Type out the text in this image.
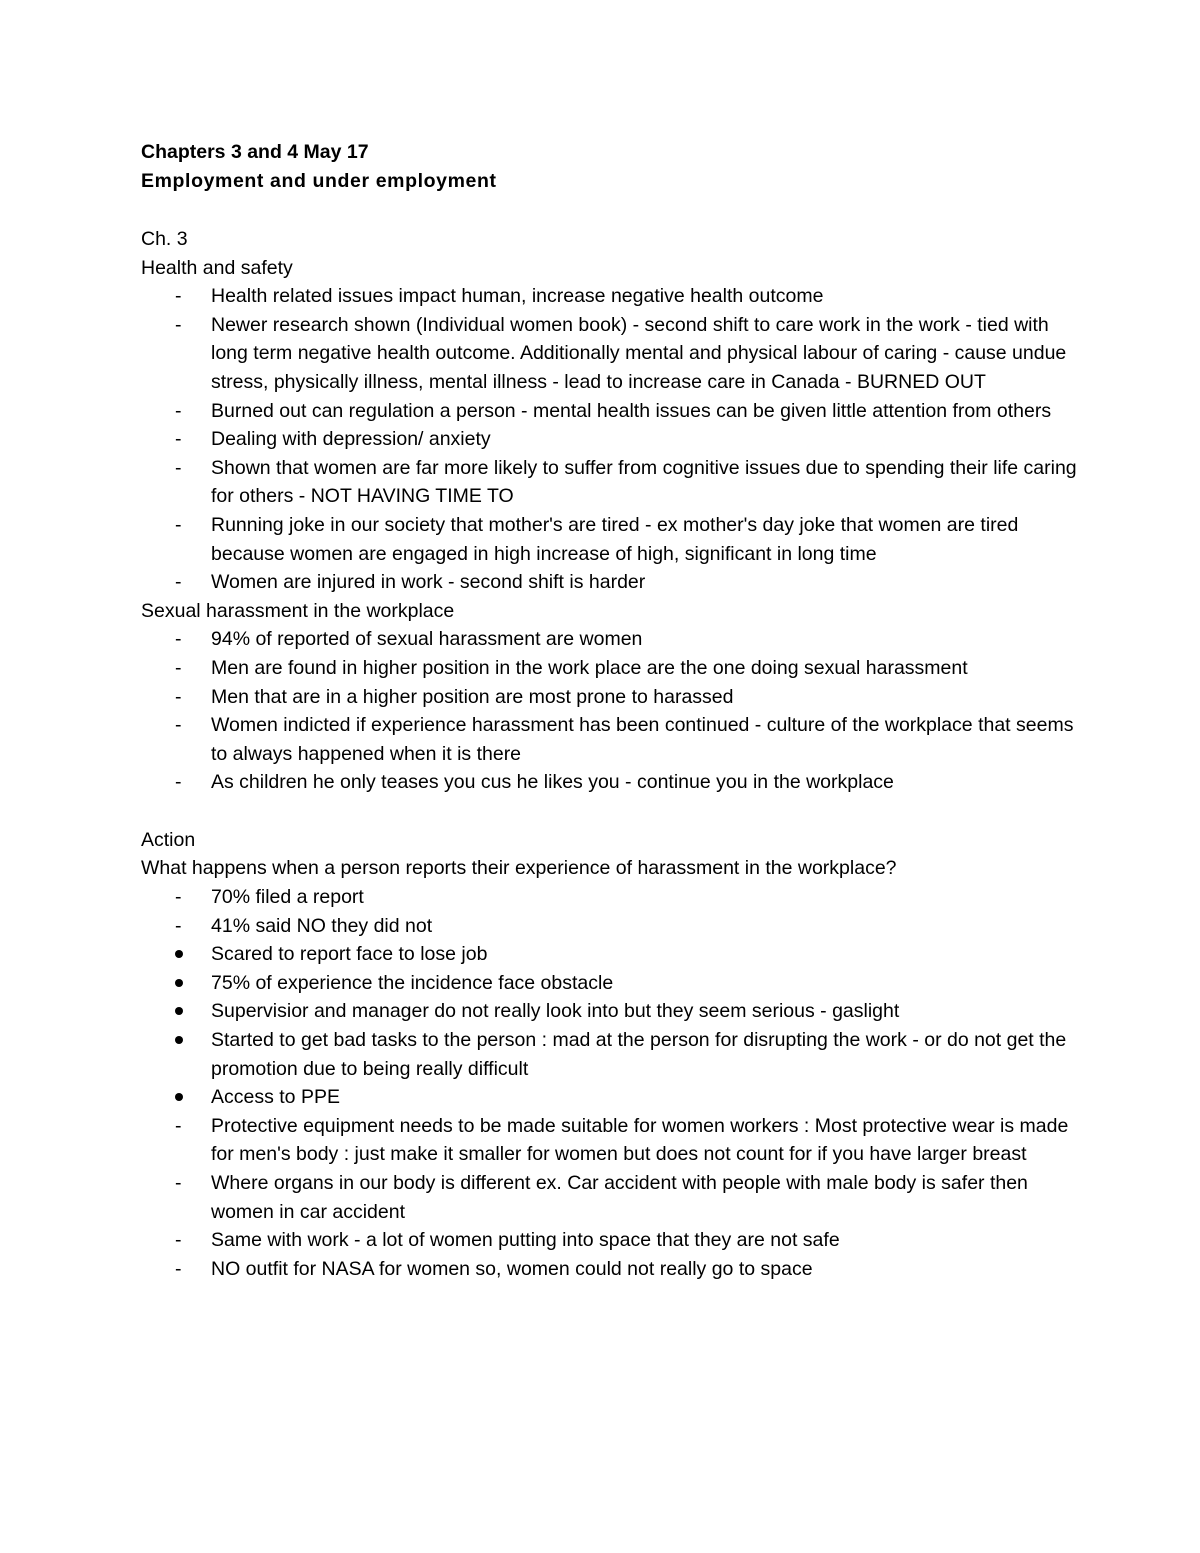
Chapters 3 and 4 May 17
Employment and under employment
Ch. 3
Health and safety
-	Health related issues impact human, increase negative health outcome
-	Newer research shown (Individual women book) - second shift to care work in the work - tied with long term negative health outcome. Additionally mental and physical labour of caring - cause undue stress, physically illness, mental illness - lead to increase care in Canada - BURNED OUT
-	Burned out can regulation a person - mental health issues can be given little attention from others
-	Dealing with depression/ anxiety
-	Shown that women are far more likely to suffer from cognitive issues due to spending their life caring for others - NOT HAVING TIME TO
-	Running joke in our society that mother's are tired - ex mother's day joke that women are tired because women are engaged in high increase of high, significant in long time
-	Women are injured in work - second shift is harder
Sexual harassment in the workplace
-	94% of reported of sexual harassment are women
-	Men are found in higher position in the work place are the one doing sexual harassment
-	Men that are in a higher position are most prone to harassed
-	Women indicted if experience harassment has been continued - culture of the workplace that seems to always happened when it is there
-	As children he only teases you cus he likes you - continue you in the workplace
Action
What happens when a person reports their experience of harassment in the workplace?
-	70% filed a report
-	41% said NO they did not
Scared to report face to lose job
75% of experience the incidence face obstacle
Supervisior and manager do not really look into but they seem serious - gaslight
Started to get bad tasks to the person : mad at the person for disrupting the work - or do not get the promotion due to being really difficult
Access to PPE
-	Protective equipment needs to be made suitable for women workers : Most protective wear is made for men's body : just make it smaller for women but does not count for if you have larger breast
-	Where organs in our body is different ex. Car accident with people with male body is safer then women in car accident
-	Same with work - a lot of women putting into space that they are not safe
-	NO outfit for NASA for women so, women could not really go to space
